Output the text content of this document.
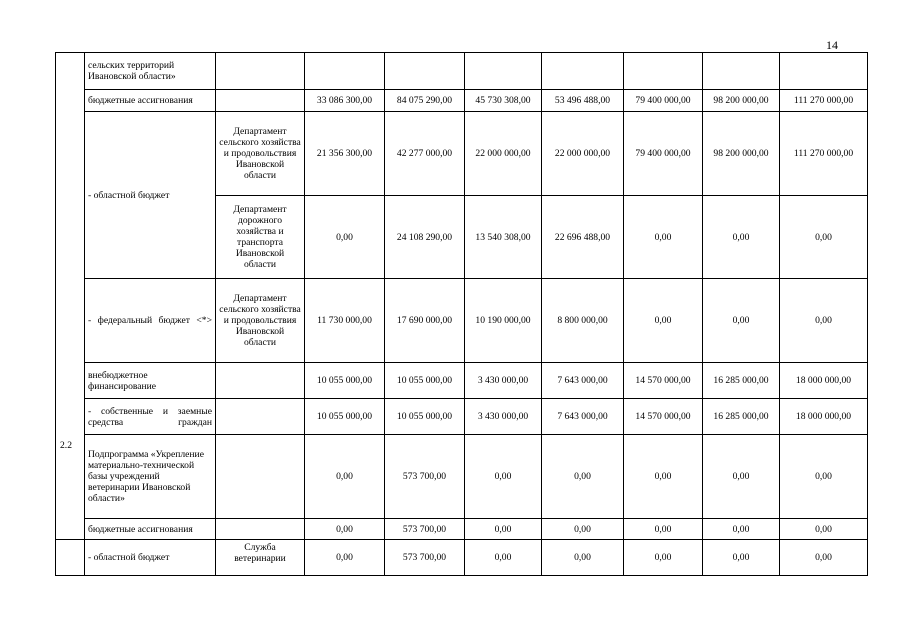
14
	сельских территорий Ивановской области»								
	бюджетные ассигнования		33 086 300,00	84 075 290,00	45 730 308,00	53 496 488,00	79 400 000,00	98 200 000,00	111 270 000,00
	- областной бюджет	Департамент сельского хозяйства и продовольствия Ивановской области	21 356 300,00	42 277 000,00	22 000 000,00	22 000 000,00	79 400 000,00	98 200 000,00	111 270 000,00
		Департамент дорожного хозяйства и транспорта Ивановской области	0,00	24 108 290,00	13 540 308,00	22 696 488,00	0,00	0,00	0,00
	- федеральный бюджет <*>	Департамент сельского хозяйства и продовольствия Ивановской области	11 730 000,00	17 690 000,00	10 190 000,00	8 800 000,00	0,00	0,00	0,00
	внебюджетное финансирование		10 055 000,00	10 055 000,00	3 430 000,00	7 643 000,00	14 570 000,00	16 285 000,00	18 000 000,00
	- собственные и заемные средства граждан		10 055 000,00	10 055 000,00	3 430 000,00	7 643 000,00	14 570 000,00	16 285 000,00	18 000 000,00
	Подпрограмма «Укрепление материально-технической базы учреждений ветеринарии Ивановской области»		0,00	573 700,00	0,00	0,00	0,00	0,00	0,00
	бюджетные ассигнования		0,00	573 700,00	0,00	0,00	0,00	0,00	0,00
	- областной бюджет	Служба ветеринарии	0,00	573 700,00	0,00	0,00	0,00	0,00	0,00
2.2
